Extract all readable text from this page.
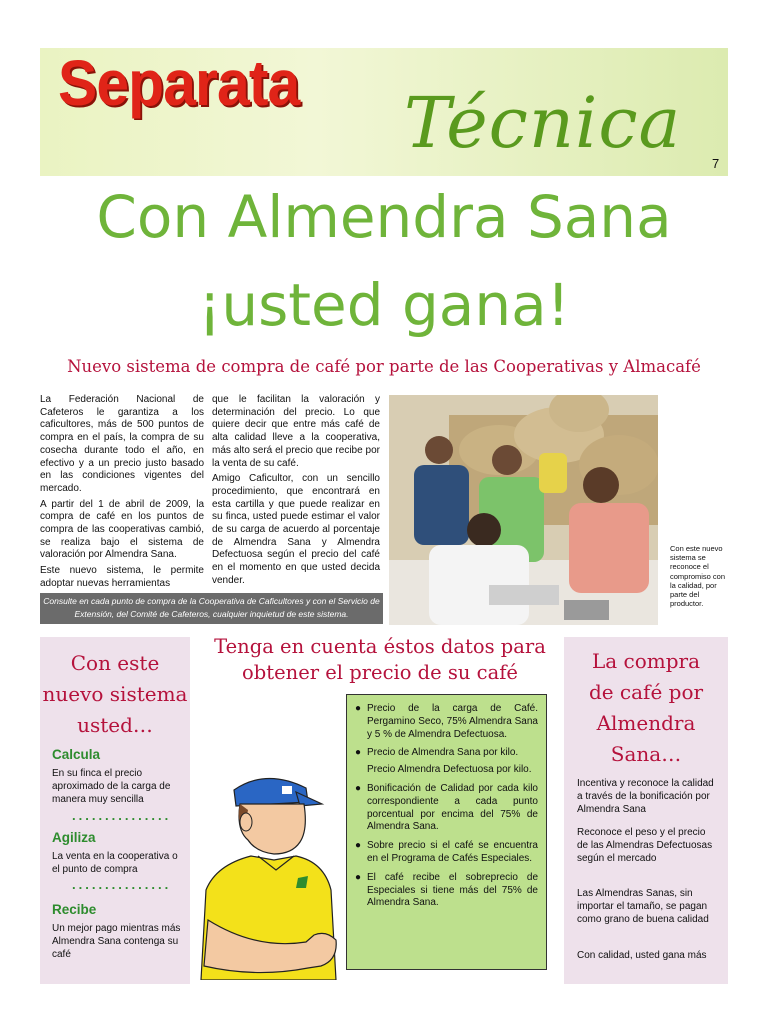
Separata Técnica 7
Con Almendra Sana
¡usted gana!
Nuevo sistema de compra de café por parte de las Cooperativas y Almacafé

La Federación Nacional de Cafeteros le garantiza a los caficultores, más de 500 puntos de compra en el país, la compra de su cosecha durante todo el año, en efectivo y a un precio justo basado en las condiciones vigentes del mercado.

A partir del 1 de abril de 2009, la compra de café en los puntos de compra de las cooperativas cambió, se realiza bajo el sistema de valoración por Almendra Sana.

Este nuevo sistema, le permite adoptar nuevas herramientas

que le facilitan la valoración y determinación del precio. Lo que quiere decir que entre más café de alta calidad lleve a la cooperativa, más alto será el precio que recibe por la venta de su café.

Amigo Caficultor, con un sencillo procedimiento, que encontrará en esta cartilla y que puede realizar en su finca, usted puede estimar el valor de su carga de acuerdo al porcentaje de Almendra Sana y Almendra Defectuosa según el precio del café en el momento en que usted decida vender.

Consulte en cada punto de compra de la Cooperativa de Caficultores y con el Servicio de Extensión, del Comité de Cafeteros, cualquier inquietud de este sistema.
Con este nuevo sistema se reconoce el compromiso con la calidad, por parte del productor.
Con este
nuevo sistema
usted…
Calcula
En su finca el precio aproximado de la carga de manera muy sencilla
...............
Agiliza
La venta en la cooperativa o el punto de compra
...............
Recibe
Un mejor pago mientras más Almendra Sana contenga su café
Tenga en cuenta éstos datos para
obtener el precio de su café
● Precio de la carga de Café. Pergamino Seco, 75% Almendra Sana y 5 % de Almendra Defectuosa.
● Precio de Almendra Sana por kilo.
Precio Almendra Defectuosa por kilo.
● Bonificación de Calidad por cada kilo correspondiente a cada punto porcentual por encima del 75% de Almendra Sana.
● Sobre precio si el café se encuentra en el Programa de Cafés Especiales.
● El café recibe el sobreprecio de Especiales si tiene más del 75% de Almendra Sana.
La compra
de café por
Almendra
Sana…
Incentiva y reconoce la calidad a través de la bonificación por Almendra Sana
Reconoce el peso y el precio de las Almendras Defectuosas según el mercado
Las Almendras Sanas, sin importar el tamaño, se pagan como grano de buena calidad
Con calidad, usted gana más
